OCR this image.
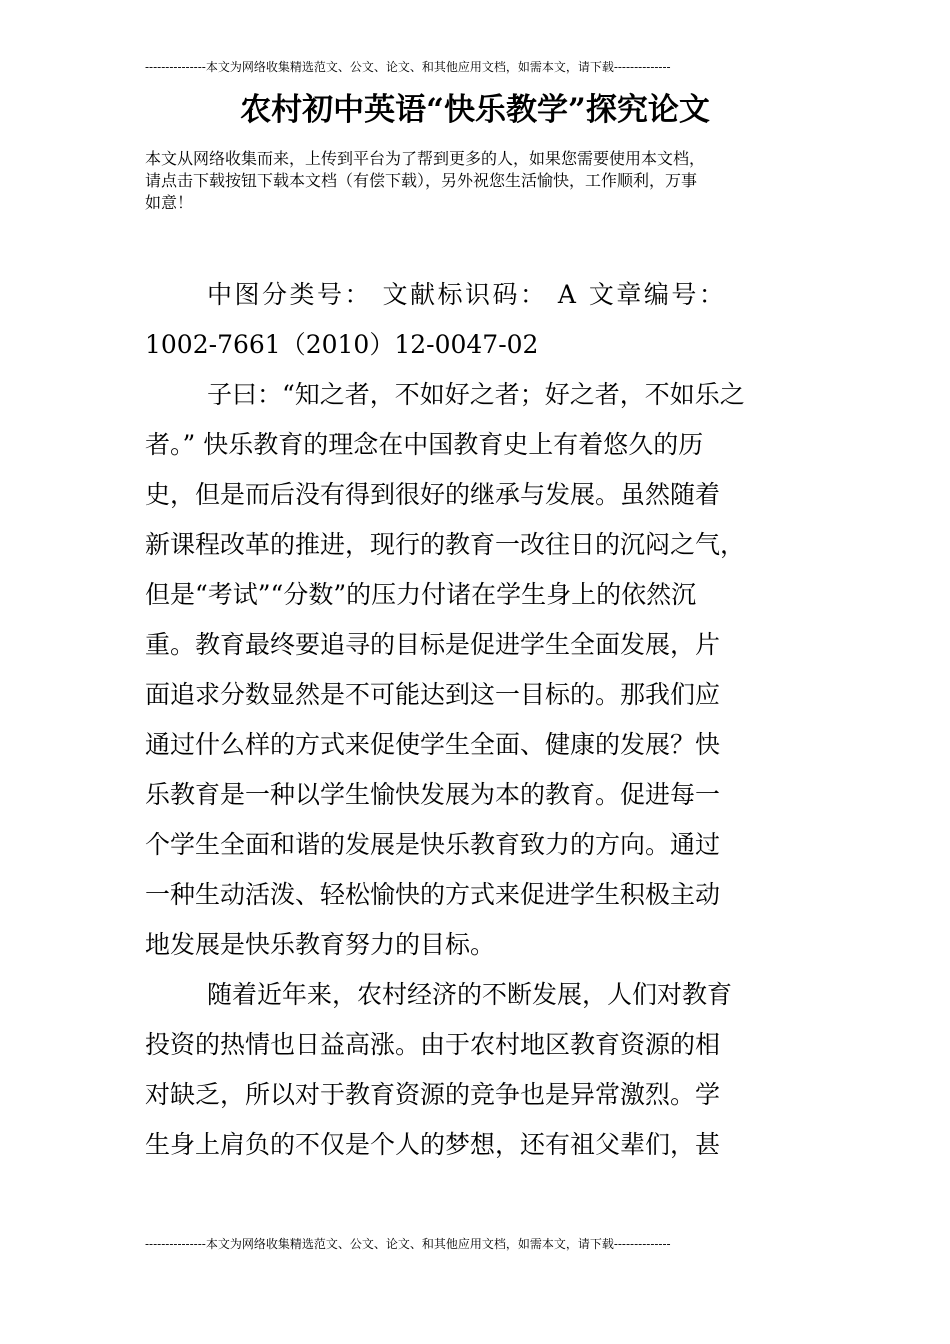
---------------本文为网络收集精选范文、公文、论文、和其他应用文档，如需本文，请下载--------------
农村初中英语“快乐教学”探究论文
本文从网络收集而来，上传到平台为了帮到更多的人，如果您需要使用本文档，
请点击下载按钮下载本文档（有偿下载），另外祝您生活愉快，工作顺利，万事
如意！
中图分类号： 文献标识码： A 文章编号：
1002-7661（2010）12-0047-02
子曰：“知之者，不如好之者；好之者，不如乐之
者。” 快乐教育的理念在中国教育史上有着悠久的历
史，但是而后没有得到很好的继承与发展。虽然随着
新课程改革的推进，现行的教育一改往日的沉闷之气，
但是“考试”“分数”的压力付诸在学生身上的依然沉
重。教育最终要追寻的目标是促进学生全面发展，片
面追求分数显然是不可能达到这一目标的。那我们应
通过什么样的方式来促使学生全面、健康的发展？快
乐教育是一种以学生愉快发展为本的教育。促进每一
个学生全面和谐的发展是快乐教育致力的方向。通过
一种生动活泼、轻松愉快的方式来促进学生积极主动
地发展是快乐教育努力的目标。
随着近年来，农村经济的不断发展，人们对教育
投资的热情也日益高涨。由于农村地区教育资源的相
对缺乏，所以对于教育资源的竞争也是异常激烈。学
生身上肩负的不仅是个人的梦想，还有祖父辈们，甚
---------------本文为网络收集精选范文、公文、论文、和其他应用文档，如需本文，请下载--------------
